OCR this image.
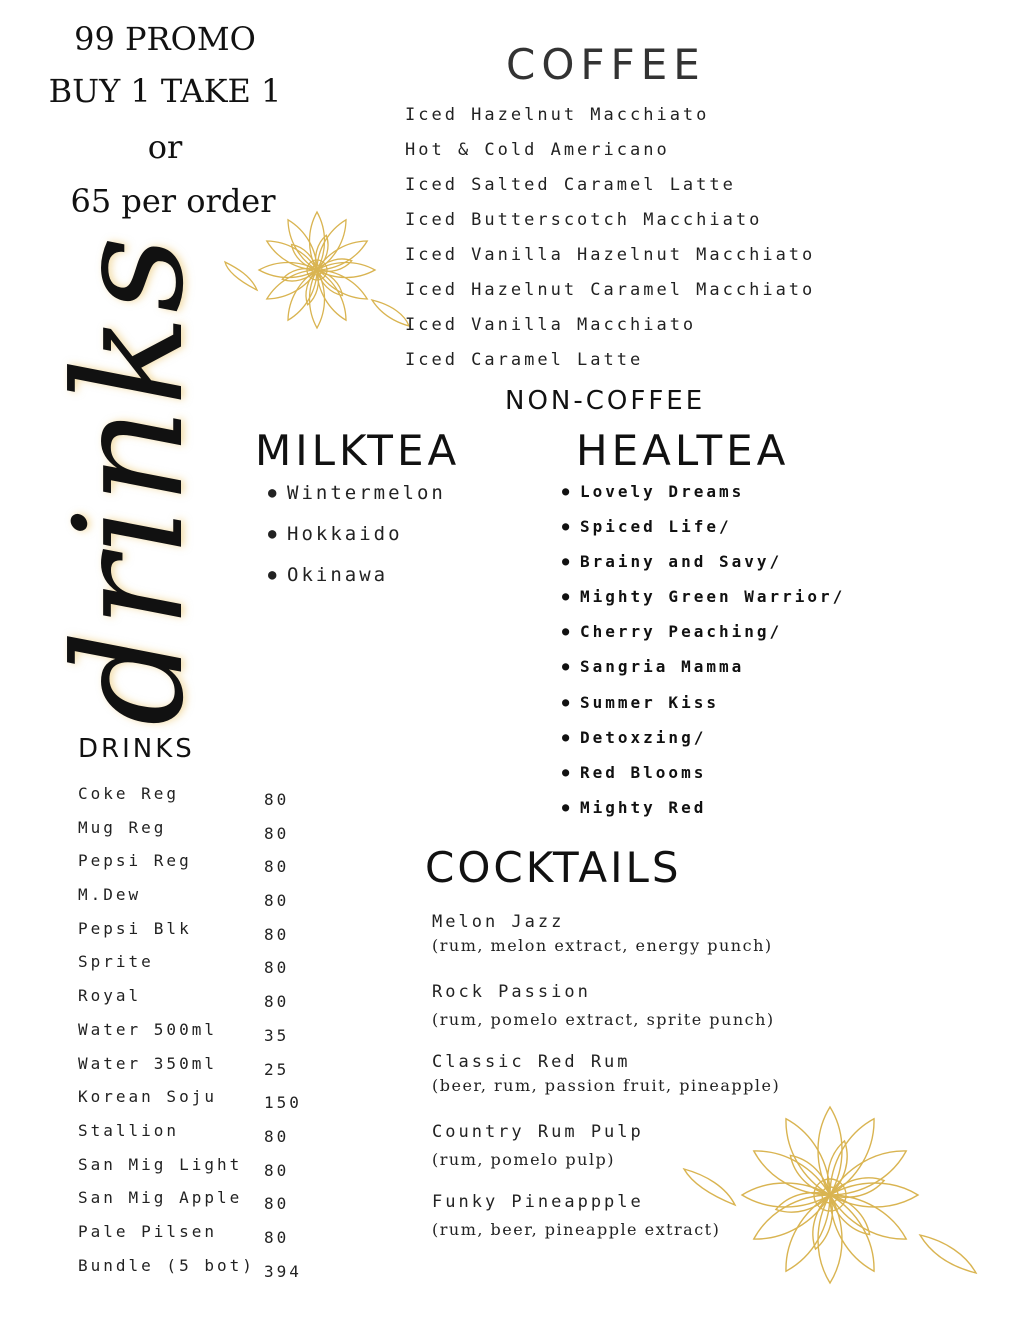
99 PROMO
BUY 1 TAKE 1
or
65 per order
drinks
COFFEE
Iced Hazelnut Macchiato
Hot & Cold Americano
Iced Salted Caramel Latte
Iced Butterscotch Macchiato
Iced Vanilla Hazelnut Macchiato
Iced Hazelnut Caramel Macchiato
Iced Vanilla Macchiato
Iced Caramel Latte
NON-COFFEE
MILKTEA
● Wintermelon
● Hokkaido
● Okinawa
HEALTEA
● Lovely Dreams
● Spiced Life/
● Brainy and Savy/
● Mighty Green Warrior/
● Cherry Peaching/
● Sangria Mamma
● Summer Kiss
● Detoxzing/
● Red Blooms
● Mighty Red
DRINKS
Coke Reg	80
Mug Reg	80
Pepsi Reg	80
M.Dew	80
Pepsi Blk	80
Sprite	80
Royal	80
Water 500ml	35
Water 350ml	25
Korean Soju	150
Stallion	80
San Mig Light 80
San Mig Apple 80
Pale Pilsen	80
Bundle (5 bot) 394
COCKTAILS
Melon Jazz
(rum, melon extract, energy punch)
Rock Passion
(rum, pomelo extract, sprite punch)
Classic Red Rum
(beer, rum, passion fruit, pineapple)
Country Rum Pulp
(rum, pomelo pulp)
Funky Pineappple
(rum, beer, pineapple extract)
